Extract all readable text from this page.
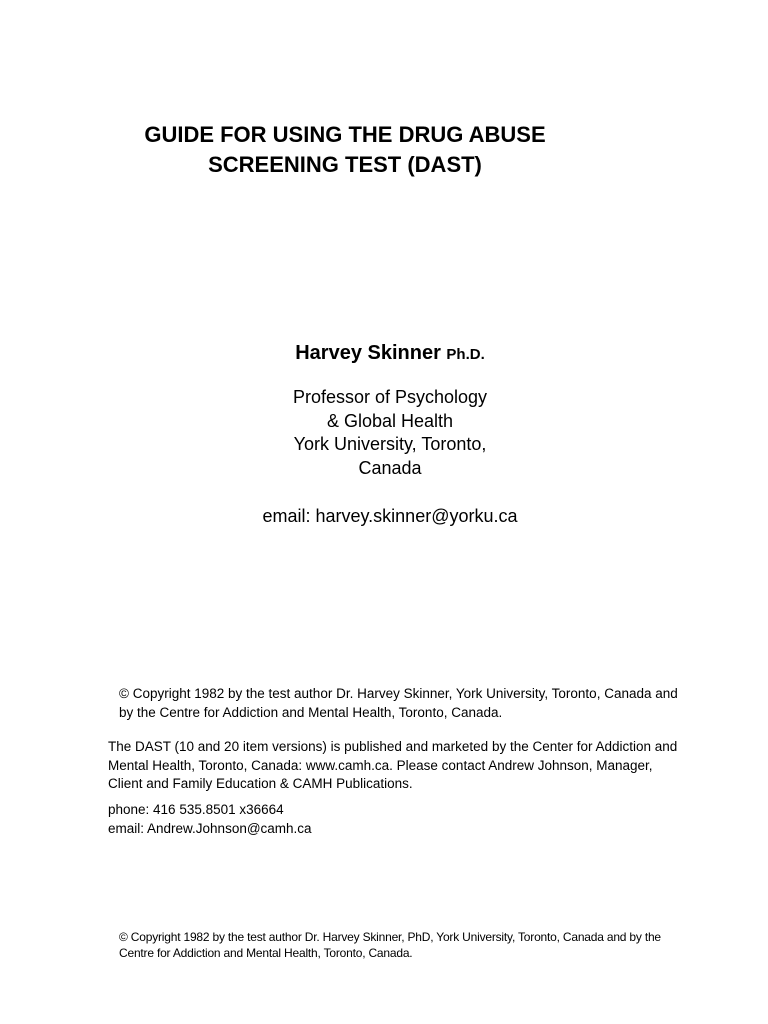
GUIDE FOR USING THE DRUG ABUSE
SCREENING TEST (DAST)

Harvey Skinner Ph.D.

Professor of Psychology
& Global Health
York University, Toronto,
Canada

email: harvey.skinner@yorku.ca

© Copyright 1982 by the test author Dr. Harvey Skinner, York University, Toronto, Canada and by the Centre for Addiction and Mental Health, Toronto, Canada.

The DAST (10 and 20 item versions) is published and marketed by the Center for Addiction and Mental Health, Toronto, Canada: www.camh.ca. Please contact Andrew Johnson, Manager, Client and Family Education & CAMH Publications.

phone: 416 535.8501 x36664
email: Andrew.Johnson@camh.ca

© Copyright 1982 by the test author Dr. Harvey Skinner, PhD, York University, Toronto, Canada and by the Centre for Addiction and Mental Health, Toronto, Canada.
